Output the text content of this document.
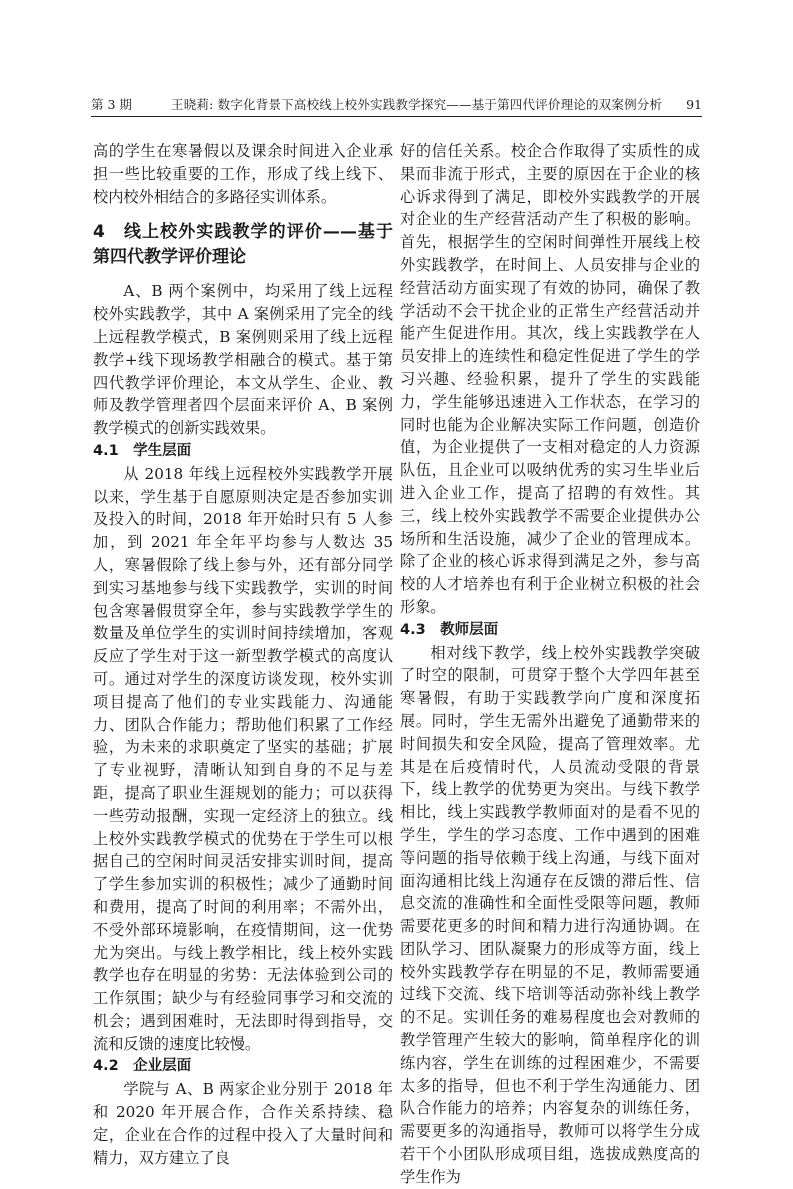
第 3 期	王晓莉: 数字化背景下高校线上校外实践教学探究——基于第四代评价理论的双案例分析 91

高的学生在寒暑假以及课余时间进入企业承担一些比较重要的工作，形成了线上线下、校内校外相结合的多路径实训体系。

4　线上校外实践教学的评价——基于第四代教学评价理论

A、B 两个案例中，均采用了线上远程校外实践教学，其中 A 案例采用了完全的线上远程教学模式，B 案例则采用了线上远程教学+线下现场教学相融合的模式。基于第四代教学评价理论，本文从学生、企业、教师及教学管理者四个层面来评价 A、B 案例教学模式的创新实践效果。

4.1　学生层面

从 2018 年线上远程校外实践教学开展以来，学生基于自愿原则决定是否参加实训及投入的时间，2018 年开始时只有 5 人参加，到 2021 年全年平均参与人数达 35 人，寒暑假除了线上参与外，还有部分同学到实习基地参与线下实践教学，实训的时间包含寒暑假贯穿全年，参与实践教学学生的数量及单位学生的实训时间持续增加，客观反应了学生对于这一新型教学模式的高度认可。通过对学生的深度访谈发现，校外实训项目提高了他们的专业实践能力、沟通能力、团队合作能力；帮助他们积累了工作经验，为未来的求职奠定了坚实的基础；扩展了专业视野，清晰认知到自身的不足与差距，提高了职业生涯规划的能力；可以获得一些劳动报酬，实现一定经济上的独立。线上校外实践教学模式的优势在于学生可以根据自己的空闲时间灵活安排实训时间，提高了学生参加实训的积极性；减少了通勤时间和费用，提高了时间的利用率；不需外出，不受外部环境影响，在疫情期间，这一优势尤为突出。与线上教学相比，线上校外实践教学也存在明显的劣势：无法体验到公司的工作氛围；缺少与有经验同事学习和交流的机会；遇到困难时，无法即时得到指导，交流和反馈的速度比较慢。

4.2　企业层面

学院与 A、B 两家企业分别于 2018 年和 2020 年开展合作，合作关系持续、稳定，企业在合作的过程中投入了大量时间和精力，双方建立了良

好的信任关系。校企合作取得了实质性的成果而非流于形式，主要的原因在于企业的核心诉求得到了满足，即校外实践教学的开展对企业的生产经营活动产生了积极的影响。首先，根据学生的空闲时间弹性开展线上校外实践教学，在时间上、人员安排与企业的经营活动方面实现了有效的协同，确保了教学活动不会干扰企业的正常生产经营活动并能产生促进作用。其次，线上实践教学在人员安排上的连续性和稳定性促进了学生的学习兴趣、经验积累，提升了学生的实践能力，学生能够迅速进入工作状态，在学习的同时也能为企业解决实际工作问题，创造价值，为企业提供了一支相对稳定的人力资源队伍，且企业可以吸纳优秀的实习生毕业后进入企业工作，提高了招聘的有效性。其三，线上校外实践教学不需要企业提供办公场所和生活设施，减少了企业的管理成本。除了企业的核心诉求得到满足之外，参与高校的人才培养也有利于企业树立积极的社会形象。

4.3　教师层面

相对线下教学，线上校外实践教学突破了时空的限制，可贯穿于整个大学四年甚至寒暑假，有助于实践教学向广度和深度拓展。同时，学生无需外出避免了通勤带来的时间损失和安全风险，提高了管理效率。尤其是在后疫情时代，人员流动受限的背景下，线上教学的优势更为突出。与线下教学相比，线上实践教学教师面对的是看不见的学生，学生的学习态度、工作中遇到的困难等问题的指导依赖于线上沟通，与线下面对面沟通相比线上沟通存在反馈的滞后性、信息交流的准确性和全面性受限等问题，教师需要花更多的时间和精力进行沟通协调。在团队学习、团队凝聚力的形成等方面，线上校外实践教学存在明显的不足，教师需要通过线下交流、线下培训等活动弥补线上教学的不足。实训任务的难易程度也会对教师的教学管理产生较大的影响，简单程序化的训练内容，学生在训练的过程困难少，不需要太多的指导，但也不利于学生沟通能力、团队合作能力的培养；内容复杂的训练任务，需要更多的沟通指导，教师可以将学生分成若干个小团队形成项目组，选拔成熟度高的学生作为
